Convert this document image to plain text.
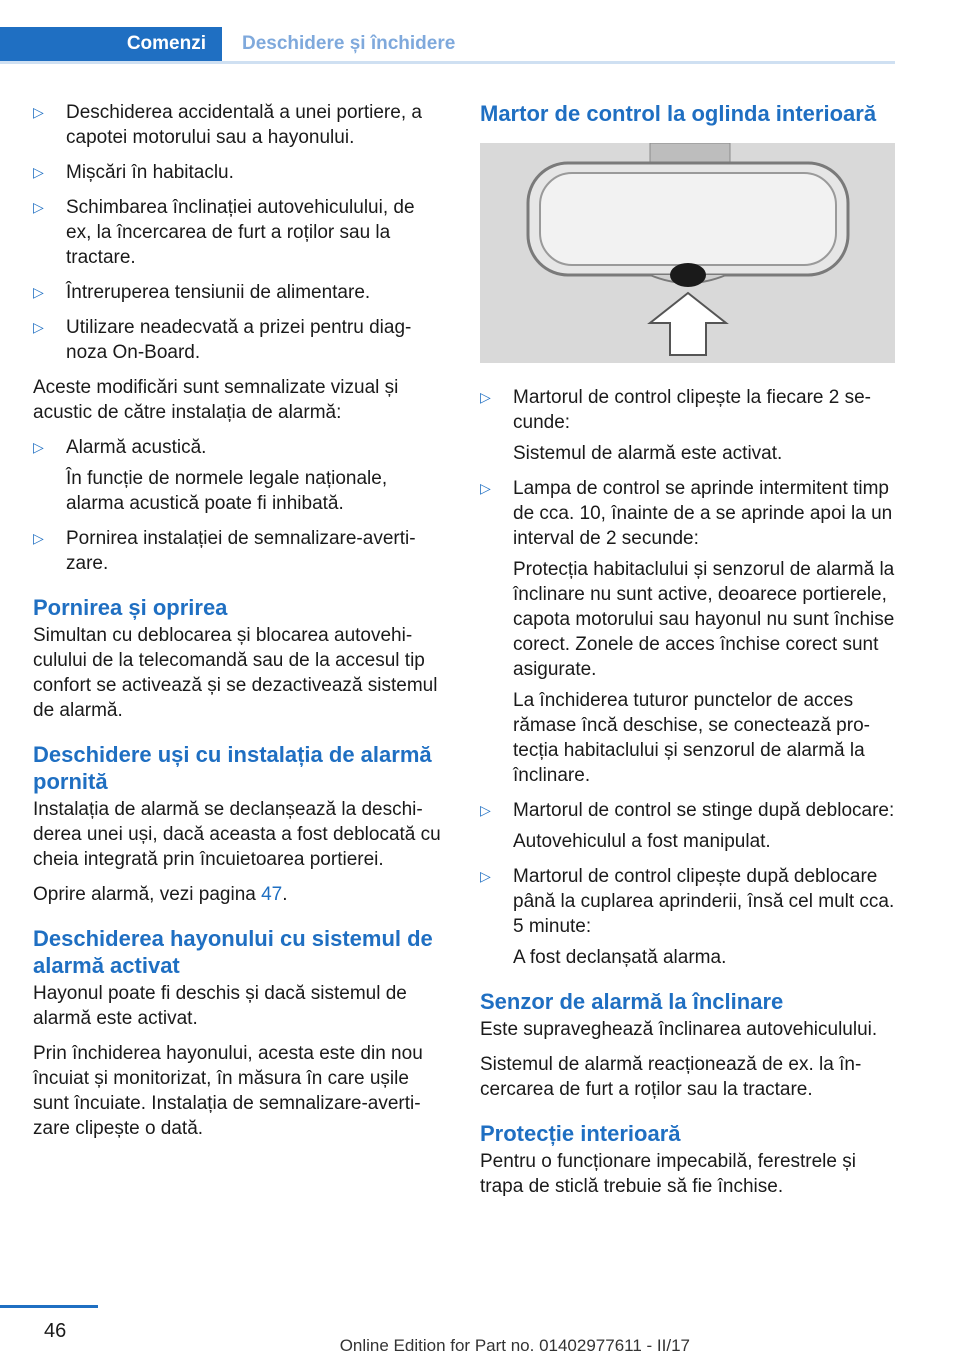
Comenzi Deschidere și închidere
▷ Deschiderea accidentală a unei portiere, a capotei motorului sau a hayonului.
▷ Mișcări în habitaclu.
▷ Schimbarea înclinației autovehiculului, de ex, la încercarea de furt a roților sau la tractare.
▷ Întreruperea tensiunii de alimentare.
▷ Utilizare neadecvată a prizei pentru diagnoza On-Board.

Aceste modificări sunt semnalizate vizual și acustic de către instalația de alarmă:

▷ Alarmă acustică.
În funcție de normele legale naționale, alarma acustică poate fi inhibată.
▷ Pornirea instalației de semnalizare-avertizare.
Pornirea și oprirea

Simultan cu deblocarea și blocarea autovehiculului de la telecomandă sau de la accesul tip confort se activează și se dezactivează sistemul de alarmă.

Deschidere uși cu instalația de alarmă pornită

Instalația de alarmă se declanșează la deschiderea unei uși, dacă aceasta a fost deblocată cu cheia integrată prin încuietoarea portierei.

Oprire alarmă, vezi pagina 47.

Deschiderea hayonului cu sistemul de alarmă activat

Hayonul poate fi deschis și dacă sistemul de alarmă este activat.

Prin închiderea hayonului, acesta este din nou încuiat și monitorizat, în măsura în care ușile sunt încuiate. Instalația de semnalizare-avertizare clipește o dată.

Martor de control la oglinda interioară
▷ Martorul de control clipește la fiecare 2 secunde:
Sistemul de alarmă este activat.
▷ Lampa de control se aprinde intermitent timp de cca. 10, înainte de a se aprinde apoi la un interval de 2 secunde:
Protecția habitaclului și senzorul de alarmă la înclinare nu sunt active, deoarece portierele, capota motorului sau hayonul nu sunt închise corect. Zonele de acces închise corect sunt asigurate.
La închiderea tuturor punctelor de acces rămase încă deschise, se conectează protecția habitaclului și senzorul de alarmă la înclinare.
▷ Martorul de control se stinge după deblocare:
Autovehiculul a fost manipulat.
▷ Martorul de control clipește după deblocare până la cuplarea aprinderii, însă cel mult cca. 5 minute:
A fost declanșată alarma.
Senzor de alarmă la înclinare

Este supraveghează înclinarea autovehiculului.

Sistemul de alarmă reacționează de ex. la încercarea de furt a roților sau la tractare.

Protecție interioară

Pentru o funcționare impecabilă, ferestrele și trapa de sticlă trebuie să fie închise.

46
Online Edition for Part no. 01402977611 - II/17
